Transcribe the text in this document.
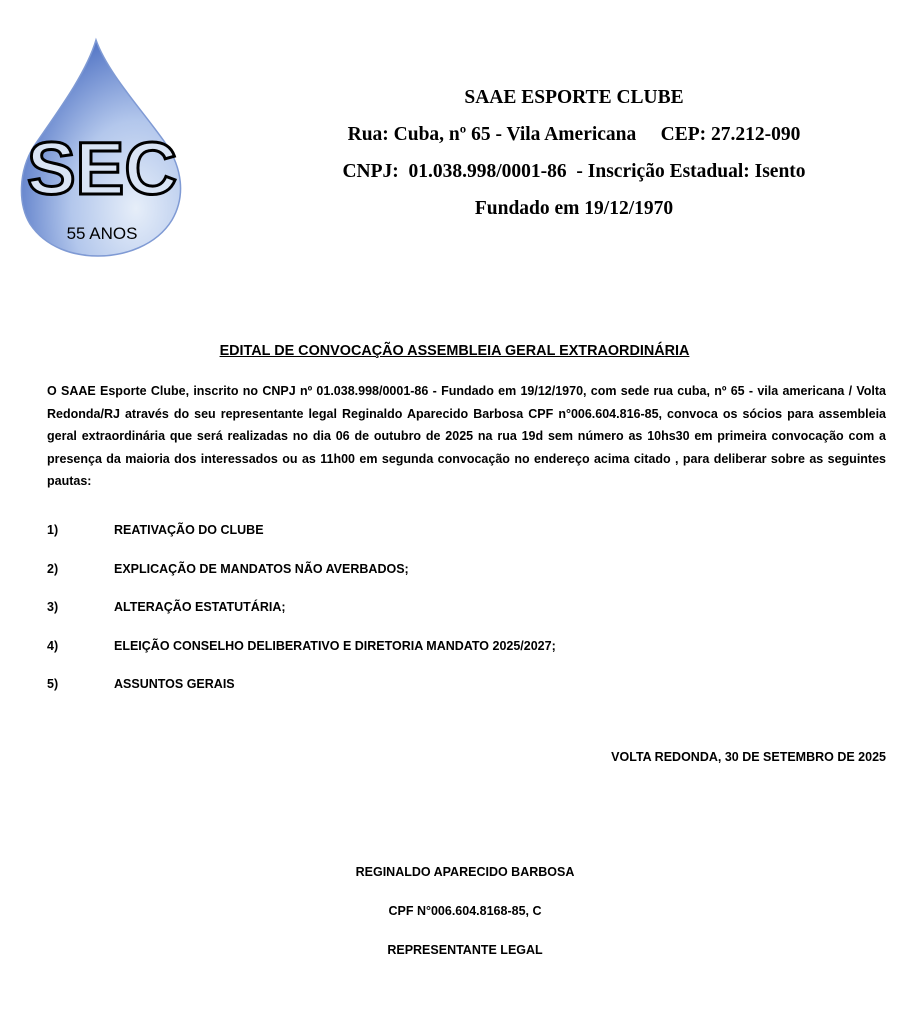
SEC
55 ANOS
SAAE ESPORTE CLUBE
Rua: Cuba, nº 65 - Vila Americana     CEP: 27.212-090
CNPJ:  01.038.998/0001-86  - Inscrição Estadual: Isento
Fundado em 19/12/1970
EDITAL DE CONVOCAÇÃO ASSEMBLEIA GERAL EXTRAORDINÁRIA
O SAAE Esporte Clube, inscrito no CNPJ nº 01.038.998/0001-86 - Fundado em 19/12/1970, com sede rua cuba, nº 65 - vila americana / Volta Redonda/RJ através do seu representante legal Reginaldo Aparecido Barbosa CPF n°006.604.816-85, convoca os sócios para assembleia geral extraordinária que será realizadas no dia 06 de outubro de 2025 na rua 19d sem número as 10hs30 em primeira convocação com a presença da maioria dos interessados ou as 11h00 em segunda convocação no endereço acima citado , para deliberar sobre as seguintes pautas:
1)	REATIVAÇÃO DO CLUBE
2)	EXPLICAÇÃO DE MANDATOS NÃO AVERBADOS;
3)	ALTERAÇÃO ESTATUTÁRIA;
4)	ELEIÇÃO CONSELHO DELIBERATIVO E DIRETORIA MANDATO 2025/2027;
5)	ASSUNTOS GERAIS
VOLTA REDONDA, 30 DE SETEMBRO DE 2025
REGINALDO APARECIDO BARBOSA
CPF N°006.604.8168-85, C
REPRESENTANTE LEGAL
